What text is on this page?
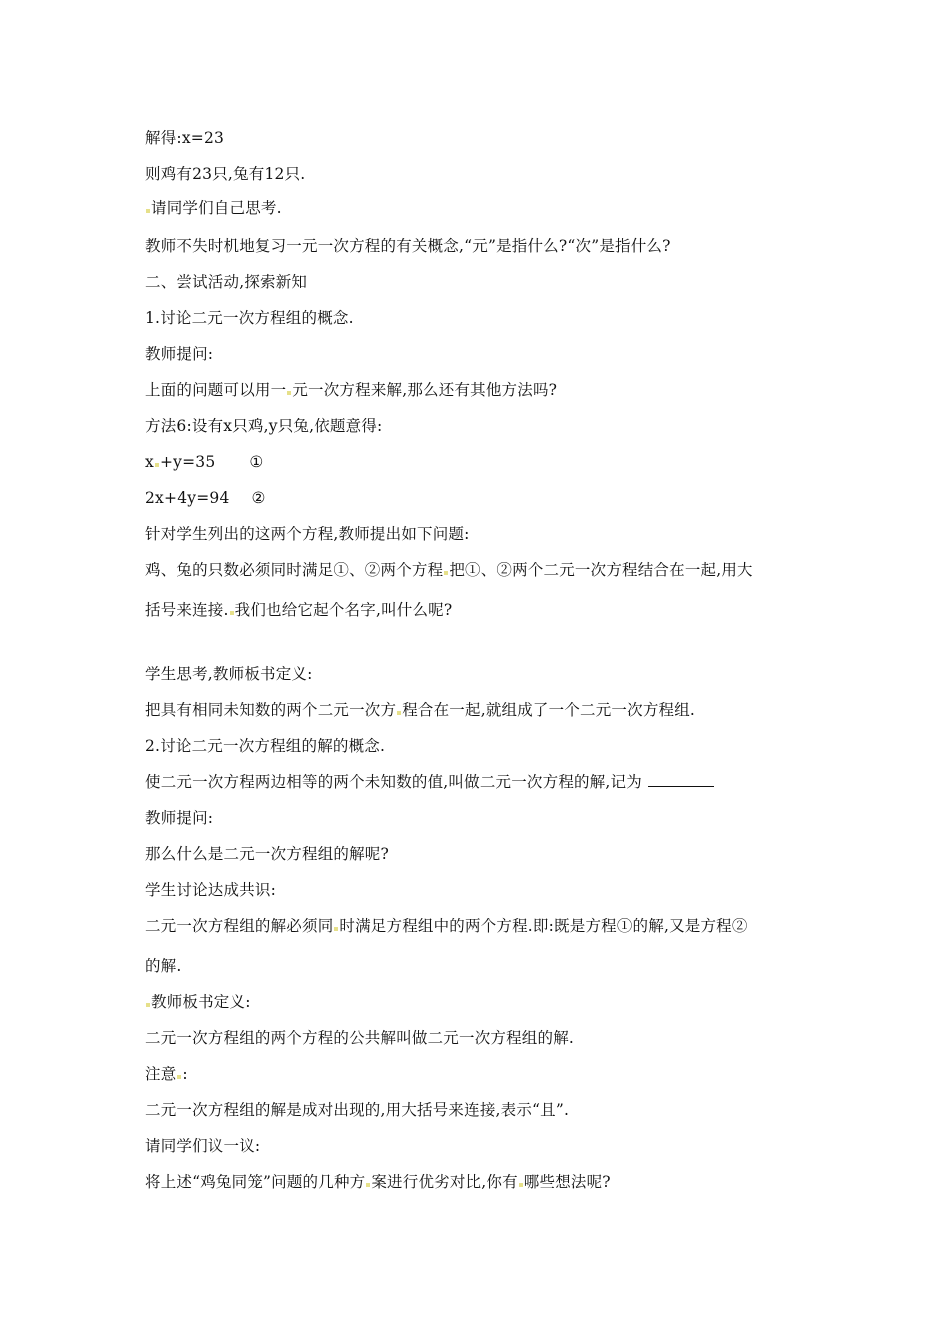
解得:x=23
则鸡有23只,兔有12只.
请同学们自己思考.
教师不失时机地复习一元一次方程的有关概念,“元”是指什么?“次”是指什么?
二、尝试活动,探索新知
1.讨论二元一次方程组的概念.
教师提问:
上面的问题可以用一 元一次方程来解,那么还有其他方法吗?
方法6:设有x只鸡,y只兔,依题意得:
x +y=35 ①
2x+4y=94 ②
针对学生列出的这两个方程,教师提出如下问题:
鸡、兔的只数必须同时满足①、②两个方程 把①、②两个二元一次方程结合在一起,用大
括号来连接. 我们也给它起个名字,叫什么呢?
学生思考,教师板书定义:
把具有相同未知数的两个二元一次方 程合在一起,就组成了一个二元一次方程组.
2.讨论二元一次方程组的解的概念.
使二元一次方程两边相等的两个未知数的值,叫做二元一次方程的解,记为
教师提问:
那么什么是二元一次方程组的解呢?
学生讨论达成共识:
二元一次方程组的解必须同 时满足方程组中的两个方程.即:既是方程①的解,又是方程②
的解.
教师板书定义:
二元一次方程组的两个方程的公共解叫做二元一次方程组的解.
注意 :
二元一次方程组的解是成对出现的,用大括号来连接,表示“且”.
请同学们议一议:
将上述“鸡兔同笼”问题的几种方 案进行优劣对比,你有 哪些想法呢?
